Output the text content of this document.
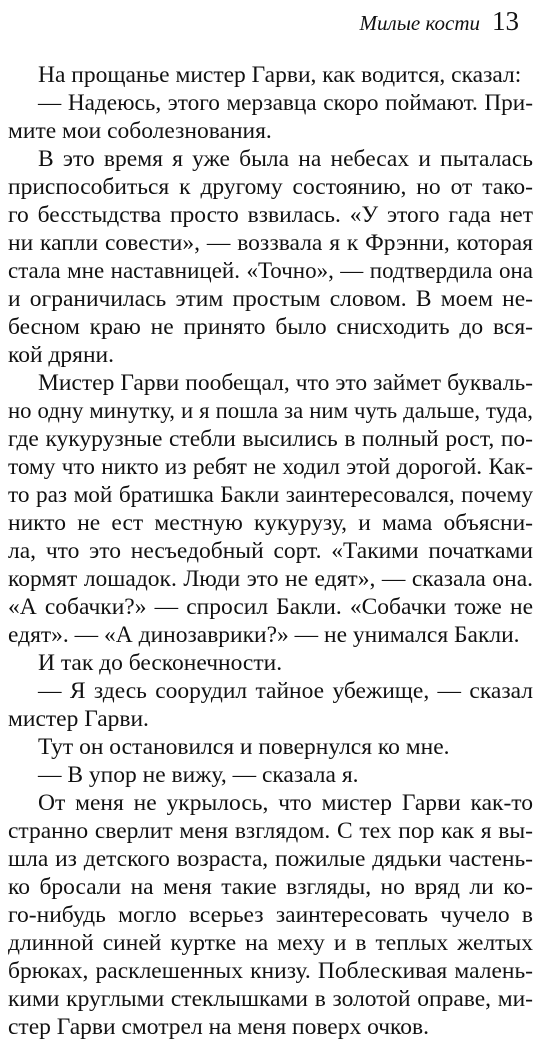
Милые кости 13
На прощанье мистер Гарви, как водится, сказал:
— Надеюсь, этого мерзавца скоро поймают. При-
мите мои соболезнования.
В это время я уже была на небесах и пыталась
приспособиться к другому состоянию, но от тако-
го бесстыдства просто взвилась. «У этого гада нет
ни капли совести», — воззвала я к Фрэнни, которая
стала мне наставницей. «Точно», — подтвердила она
и ограничилась этим простым словом. В моем не-
бесном краю не принято было снисходить до вся-
кой дряни.
Мистер Гарви пообещал, что это займет букваль-
но одну минутку, и я пошла за ним чуть дальше, туда,
где кукурузные стебли высились в полный рост, по-
тому что никто из ребят не ходил этой дорогой. Как-
то раз мой братишка Бакли заинтересовался, почему
никто не ест местную кукурузу, и мама объясни-
ла, что это несъедобный сорт. «Такими початками
кормят лошадок. Люди это не едят», — сказала она.
«А собачки?» — спросил Бакли. «Собачки тоже не
едят». — «А динозаврики?» — не унимался Бакли.
И так до бесконечности.
— Я здесь соорудил тайное убежище, — сказал
мистер Гарви.
Тут он остановился и повернулся ко мне.
— В упор не вижу, — сказала я.
От меня не укрылось, что мистер Гарви как-то
странно сверлит меня взглядом. С тех пор как я вы-
шла из детского возраста, пожилые дядьки частень-
ко бросали на меня такие взгляды, но вряд ли ко-
го-нибудь могло всерьез заинтересовать чучело в
длинной синей куртке на меху и в теплых желтых
брюках, расклешенных книзу. Поблескивая малень-
кими круглыми стеклышками в золотой оправе, ми-
стер Гарви смотрел на меня поверх очков.
